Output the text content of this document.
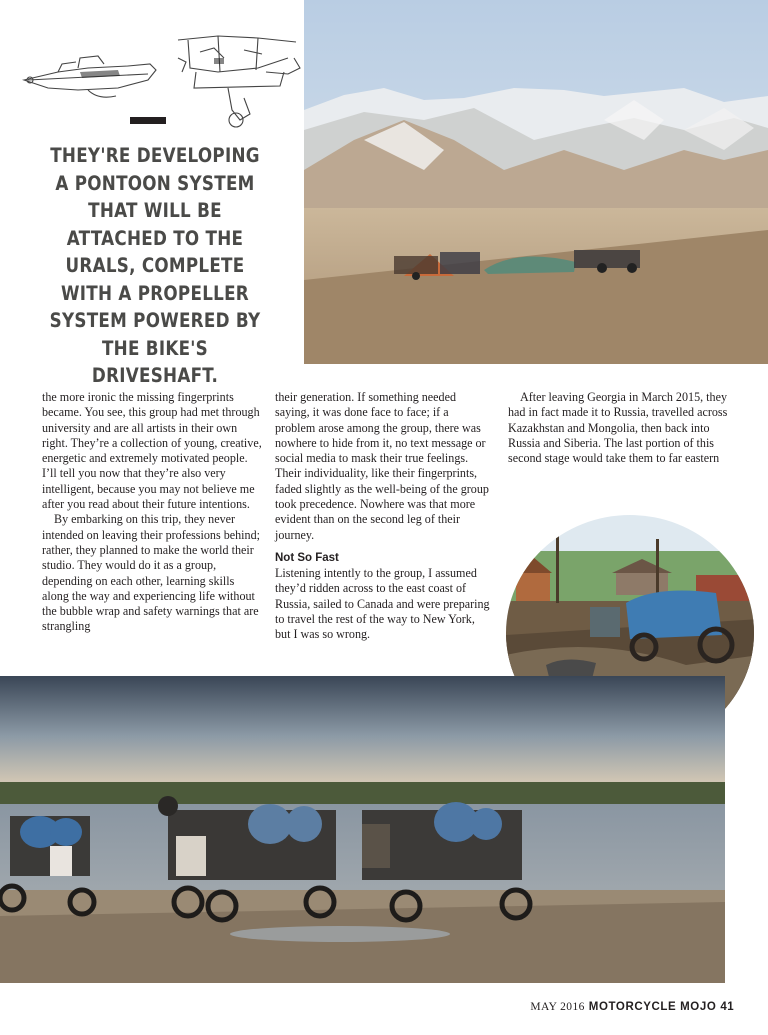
THEY'RE DEVELOPING A PONTOON SYSTEM THAT WILL BE ATTACHED TO THE URALS, COMPLETE WITH A PROPELLER SYSTEM POWERED BY THE BIKE'S DRIVESHAFT.

the more ironic the missing fingerprints became. You see, this group had met through university and are all artists in their own right. They’re a collection of young, creative, energetic and extremely motivated people. I’ll tell you now that they’re also very intelligent, because you may not believe me after you read about their future intentions.

By embarking on this trip, they never intended on leaving their professions behind; rather, they planned to make the world their studio. They would do it as a group, depending on each other, learning skills along the way and experiencing life without the bubble wrap and safety warnings that are strangling

their generation. If something needed saying, it was done face to face; if a problem arose among the group, there was nowhere to hide from it, no text message or social media to mask their true feelings. Their individuality, like their fingerprints, faded slightly as the well-being of the group took precedence. Nowhere was that more evident than on the second leg of their journey.

Not So Fast

Listening intently to the group, I assumed they’d ridden across to the east coast of Russia, sailed to Canada and were preparing to travel the rest of the way to New York, but I was so wrong.

After leaving Georgia in March 2015, they had in fact made it to Russia, travelled across Kazakhstan and Mongolia, then back into Russia and Siberia. The last portion of this second stage would take them to far eastern

MAY 2016 MOTORCYCLE MOJO 41
